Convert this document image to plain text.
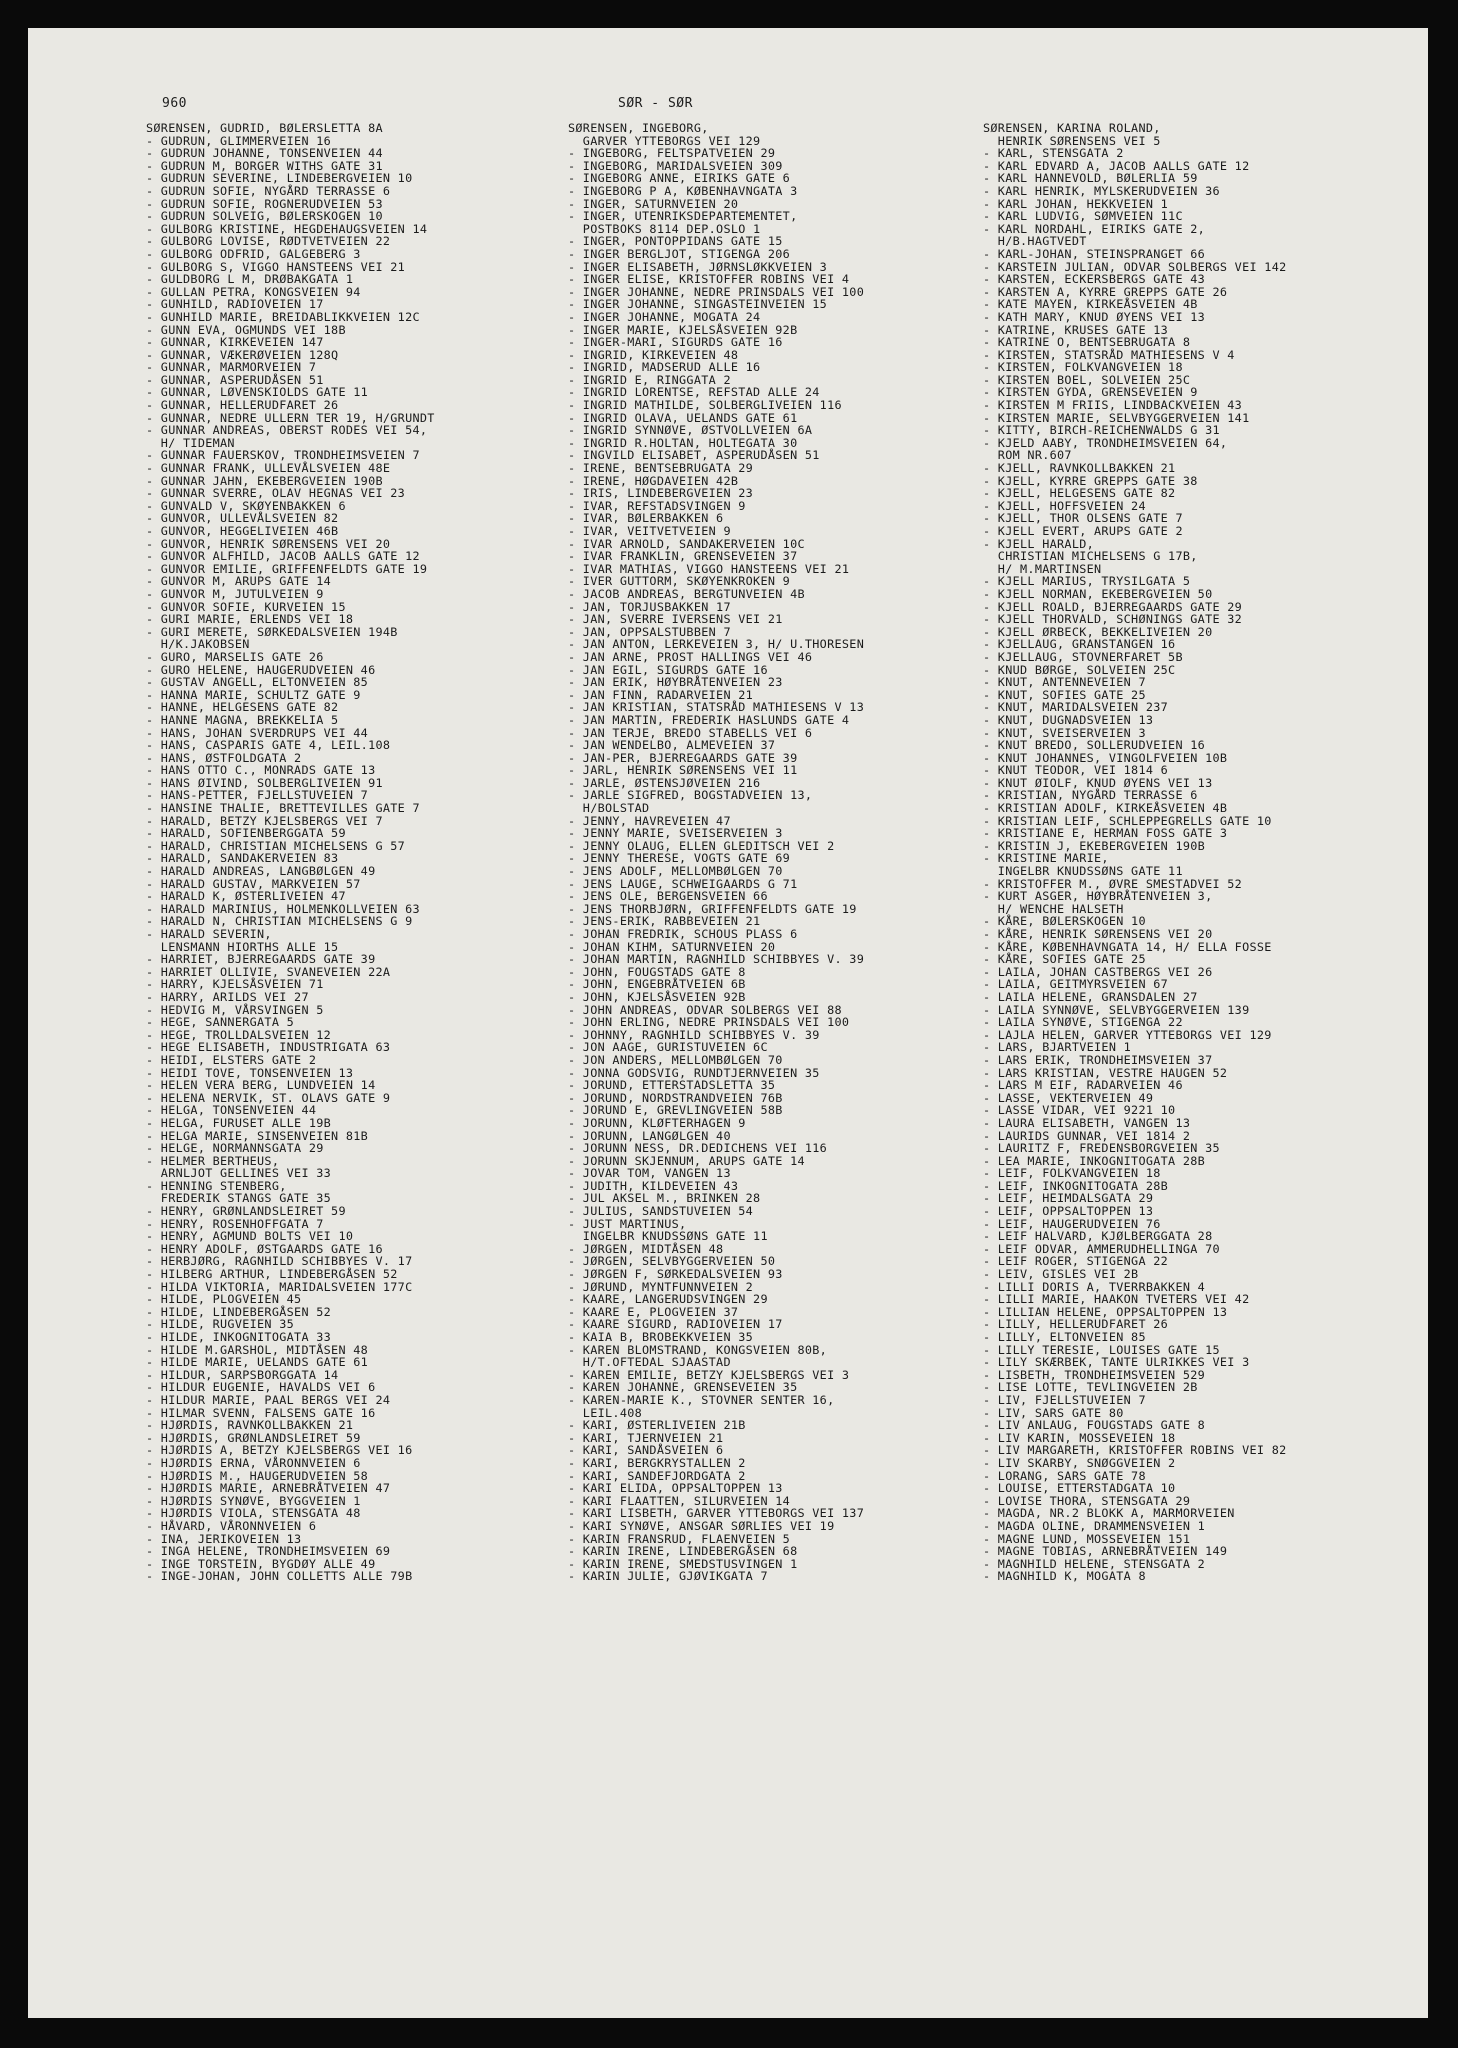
960	SØR - SØR
SØRENSEN, GUDRID, BØLERSLETTA 8A
- GUDRUN, GLIMMERVEIEN 16
- GUDRUN JOHANNE, TONSENVEIEN 44
- GUDRUN M, BORGER WITHS GATE 31
- GUDRUN SEVERINE, LINDEBERGVEIEN 10
- GUDRUN SOFIE, NYGÅRD TERRASSE 6
- GUDRUN SOFIE, ROGNERUDVEIEN 53
- GUDRUN SOLVEIG, BØLERSKOGEN 10
- GULBORG KRISTINE, HEGDEHAUGSVEIEN 14
- GULBORG LOVISE, RØDTVETVEIEN 22
- GULBORG ODFRID, GALGEBERG 3
- GULBORG S, VIGGO HANSTEENS VEI 21
- GULDBORG L M, DRØBAKGATA 1
- GULLAN PETRA, KONGSVEIEN 94
- GUNHILD, RADIOVEIEN 17
- GUNHILD MARIE, BREIDABLIKKVEIEN 12C
- GUNN EVA, OGMUNDS VEI 18B
- GUNNAR, KIRKEVEIEN 147
- GUNNAR, VÆKERØVEIEN 128Q
- GUNNAR, MARMORVEIEN 7
- GUNNAR, ASPERUDÅSEN 51
- GUNNAR, LØVENSKIOLDS GATE 11
- GUNNAR, HELLERUDFARET 26
- GUNNAR, NEDRE ULLERN TER 19, H/GRUNDT
- GUNNAR ANDREAS, OBERST RODES VEI 54,
H/ TIDEMAN
- GUNNAR FAUERSKOV, TRONDHEIMSVEIEN 7
- GUNNAR FRANK, ULLEVÅLSVEIEN 48E
- GUNNAR JAHN, EKEBERGVEIEN 190B
- GUNNAR SVERRE, OLAV HEGNAS VEI 23
- GUNVALD V, SKØYENBAKKEN 6
- GUNVOR, ULLEVÅLSVEIEN 82
- GUNVOR, HEGGELIVEIEN 46B
- GUNVOR, HENRIK SØRENSENS VEI 20
- GUNVOR ALFHILD, JACOB AALLS GATE 12
- GUNVOR EMILIE, GRIFFENFELDTS GATE 19
- GUNVOR M, ARUPS GATE 14
- GUNVOR M, JUTULVEIEN 9
- GUNVOR SOFIE, KURVEIEN 15
- GURI MARIE, ERLENDS VEI 18
- GURI MERETE, SØRKEDALSVEIEN 194B
H/K.JAKOBSEN
- GURO, MARSELIS GATE 26
- GURO HELENE, HAUGERUDVEIEN 46
- GUSTAV ANGELL, ELTONVEIEN 85
- HANNA MARIE, SCHULTZ GATE 9
- HANNE, HELGESENS GATE 82
- HANNE MAGNA, BREKKELIA 5
- HANS, JOHAN SVERDRUPS VEI 44
- HANS, CASPARIS GATE 4, LEIL.108
- HANS, ØSTFOLDGATA 2
- HANS OTTO C., MONRADS GATE 13
- HANS ØIVIND, SOLBERGLIVEIEN 91
- HANS-PETTER, FJELLSTUVEIEN 7
- HANSINE THALIE, BRETTEVILLES GATE 7
- HARALD, BETZY KJELSBERGS VEI 7
- HARALD, SOFIENBERGGATA 59
- HARALD, CHRISTIAN MICHELSENS G 57
- HARALD, SANDAKERVEIEN 83
- HARALD ANDREAS, LANGBØLGEN 49
- HARALD GUSTAV, MARKVEIEN 57
- HARALD K, ØSTERLIVEIEN 47
- HARALD MARINIUS, HOLMENKOLLVEIEN 63
- HARALD N, CHRISTIAN MICHELSENS G 9
- HARALD SEVERIN,
LENSMANN HIORTHS ALLE 15
- HARRIET, BJERREGAARDS GATE 39
- HARRIET OLLIVIE, SVANEVEIEN 22A
- HARRY, KJELSÅSVEIEN 71
- HARRY, ARILDS VEI 27
- HEDVIG M, VÅRSVINGEN 5
- HEGE, SANNERGATA 5
- HEGE, TROLLDALSVEIEN 12
- HEGE ELISABETH, INDUSTRIGATA 63
- HEIDI, ELSTERS GATE 2
- HEIDI TOVE, TONSENVEIEN 13
- HELEN VERA BERG, LUNDVEIEN 14
- HELENA NERVIK, ST. OLAVS GATE 9
- HELGA, TONSENVEIEN 44
- HELGA, FURUSET ALLE 19B
- HELGA MARIE, SINSENVEIEN 81B
- HELGE, NORMANNSGATA 29
- HELMER BERTHEUS,
ARNLJOT GELLINES VEI 33
- HENNING STENBERG,
FREDERIK STANGS GATE 35
- HENRY, GRØNLANDSLEIRET 59
- HENRY, ROSENHOFFGATA 7
- HENRY, AGMUND BOLTS VEI 10
- HENRY ADOLF, ØSTGAARDS GATE 16
- HERBJØRG, RAGNHILD SCHIBBYES V. 17
- HILBERG ARTHUR, LINDEBERGÅSEN 52
- HILDA VIKTORIA, MARIDALSVEIEN 177C
- HILDE, PLOGVEIEN 45
- HILDE, LINDEBERGÅSEN 52
- HILDE, RUGVEIEN 35
- HILDE, INKOGNITOGATA 33
- HILDE M.GARSHOL, MIDTÅSEN 48
- HILDE MARIE, UELANDS GATE 61
- HILDUR, SARPSBORGGATA 14
- HILDUR EUGENIE, HAVALDS VEI 6
- HILDUR MARIE, PAAL BERGS VEI 24
- HILMAR SVENN, FALSENS GATE 16
- HJØRDIS, RAVNKOLLBAKKEN 21
- HJØRDIS, GRØNLANDSLEIRET 59
- HJØRDIS A, BETZY KJELSBERGS VEI 16
- HJØRDIS ERNA, VÅRONNVEIEN 6
- HJØRDIS M., HAUGERUDVEIEN 58
- HJØRDIS MARIE, ARNEBRÅTVEIEN 47
- HJØRDIS SYNØVE, BYGGVEIEN 1
- HJØRDIS VIOLA, STENSGATA 48
- HÅVARD, VÅRONNVEIEN 6
- INA, JERIKOVEIEN 13
- INGA HELENE, TRONDHEIMSVEIEN 69
- INGE TORSTEIN, BYGDØY ALLE 49
- INGE-JOHAN, JOHN COLLETTS ALLE 79B
SØRENSEN, INGEBORG,
GARVER YTTEBORGS VEI 129
- INGEBORG, FELTSPATVEIEN 29
- INGEBORG, MARIDALSVEIEN 309
- INGEBORG ANNE, EIRIKS GATE 6
- INGEBORG P A, KØBENHAVNGATA 3
- INGER, SATURNVEIEN 20
- INGER, UTENRIKSDEPARTEMENTET,
POSTBOKS 8114 DEP.OSLO 1
- INGER, PONTOPPIDANS GATE 15
- INGER BERGLJOT, STIGENGA 206
- INGER ELISABETH, JØRNSLØKKVEIEN 3
- INGER ELISE, KRISTOFFER ROBINS VEI 4
- INGER JOHANNE, NEDRE PRINSDALS VEI 100
- INGER JOHANNE, SINGASTEINVEIEN 15
- INGER JOHANNE, MOGATA 24
- INGER MARIE, KJELSÅSVEIEN 92B
- INGER-MARI, SIGURDS GATE 16
- INGRID, KIRKEVEIEN 48
- INGRID, MADSERUD ALLE 16
- INGRID E, RINGGATA 2
- INGRID LORENTSE, REFSTAD ALLE 24
- INGRID MATHILDE, SOLBERGLIVEIEN 116
- INGRID OLAVA, UELANDS GATE 61
- INGRID SYNNØVE, ØSTVOLLVEIEN 6A
- INGRID R.HOLTAN, HOLTEGATA 30
- INGVILD ELISABET, ASPERUDÅSEN 51
- IRENE, BENTSEBRUGATA 29
- IRENE, HØGDAVEIEN 42B
- IRIS, LINDEBERGVEIEN 23
- IVAR, REFSTADSVINGEN 9
- IVAR, BØLERBAKKEN 6
- IVAR, VEITVETVEIEN 9
- IVAR ARNOLD, SANDAKERVEIEN 10C
- IVAR FRANKLIN, GRENSEVEIEN 37
- IVAR MATHIAS, VIGGO HANSTEENS VEI 21
- IVER GUTTORM, SKØYENKROKEN 9
- JACOB ANDREAS, BERGTUNVEIEN 4B
- JAN, TORJUSBAKKEN 17
- JAN, SVERRE IVERSENS VEI 21
- JAN, OPPSALSTUBBEN 7
- JAN ANTON, LERKEVEIEN 3, H/ U.THORESEN
- JAN ARNE, PROST HALLINGS VEI 46
- JAN EGIL, SIGURDS GATE 16
- JAN ERIK, HØYBRÅTENVEIEN 23
- JAN FINN, RADARVEIEN 21
- JAN KRISTIAN, STATSRÅD MATHIESENS V 13
- JAN MARTIN, FREDERIK HASLUNDS GATE 4
- JAN TERJE, BREDO STABELLS VEI 6
- JAN WENDELBO, ALMEVEIEN 37
- JAN-PER, BJERREGAARDS GATE 39
- JARL, HENRIK SØRENSENS VEI 11
- JARLE, ØSTENSJØVEIEN 216
- JARLE SIGFRED, BOGSTADVEIEN 13,
H/BOLSTAD
- JENNY, HAVREVEIEN 47
- JENNY MARIE, SVEISERVEIEN 3
- JENNY OLAUG, ELLEN GLEDITSCH VEI 2
- JENNY THERESE, VOGTS GATE 69
- JENS ADOLF, MELLOMBØLGEN 70
- JENS LAUGE, SCHWEIGAARDS G 71
- JENS OLE, BERGENSVEIEN 66
- JENS THORBJØRN, GRIFFENFELDTS GATE 19
- JENS-ERIK, RABBEVEIEN 21
- JOHAN FREDRIK, SCHOUS PLASS 6
- JOHAN KIHM, SATURNVEIEN 20
- JOHAN MARTIN, RAGNHILD SCHIBBYES V. 39
- JOHN, FOUGSTADS GATE 8
- JOHN, ENGEBRÅTVEIEN 6B
- JOHN, KJELSÅSVEIEN 92B
- JOHN ANDREAS, ODVAR SOLBERGS VEI 88
- JOHN ERLING, NEDRE PRINSDALS VEI 100
- JOHNNY, RAGNHILD SCHIBBYES V. 39
- JON AAGE, GURISTUVEIEN 6C
- JON ANDERS, MELLOMBØLGEN 70
- JONNA GODSVIG, RUNDTJERNVEIEN 35
- JORUND, ETTERSTADSLETTA 35
- JORUND, NORDSTRANDVEIEN 76B
- JORUND E, GREVLINGVEIEN 58B
- JORUNN, KLØFTERHAGEN 9
- JORUNN, LANGØLGEN 40
- JORUNN NESS, DR.DEDICHENS VEI 116
- JORUNN SKJENNUM, ARUPS GATE 14
- JOVAR TOM, VANGEN 13
- JUDITH, KILDEVEIEN 43
- JUL AKSEL M., BRINKEN 28
- JULIUS, SANDSTUVEIEN 54
- JUST MARTINUS,
INGELBR KNUDSSØNS GATE 11
- JØRGEN, MIDTÅSEN 48
- JØRGEN, SELVBYGGERVEIEN 50
- JØRGEN F, SØRKEDALSVEIEN 93
- JØRUND, MYNTFUNNVEIEN 2
- KAARE, LANGERUDSVINGEN 29
- KAARE E, PLOGVEIEN 37
- KAARE SIGURD, RADIOVEIEN 17
- KAIA B, BROBEKKVEIEN 35
- KAREN BLOMSTRAND, KONGSVEIEN 80B,
H/T.OFTEDAL SJAASTAD
- KAREN EMILIE, BETZY KJELSBERGS VEI 3
- KAREN JOHANNE, GRENSEVEIEN 35
- KAREN-MARIE K., STOVNER SENTER 16,
LEIL.408
- KARI, ØSTERLIVEIEN 21B
- KARI, TJERNVEIEN 21
- KARI, SANDÅSVEIEN 6
- KARI, BERGKRYSTALLEN 2
- KARI, SANDEFJORDGATA 2
- KARI ELIDA, OPPSALTOPPEN 13
- KARI FLAATTEN, SILURVEIEN 14
- KARI LISBETH, GARVER YTTEBORGS VEI 137
- KARI SYNØVE, ANSGAR SØRLIES VEI 19
- KARIN FRANSRUD, FLAENVEIEN 5
- KARIN IRENE, LINDEBERGÅSEN 68
- KARIN IRENE, SMEDSTUSVINGEN 1
- KARIN JULIE, GJØVIKGATA 7
SØRENSEN, KARINA ROLAND,
HENRIK SØRENSENS VEI 5
- KARL, STENSGATA 2
- KARL EDVARD A, JACOB AALLS GATE 12
- KARL HANNEVOLD, BØLERLIA 59
- KARL HENRIK, MYLSKERUDVEIEN 36
- KARL JOHAN, HEKKVEIEN 1
- KARL LUDVIG, SØMVEIEN 11C
- KARL NORDAHL, EIRIKS GATE 2,
H/B.HAGTVEDT
- KARL-JOHAN, STEINSPRANGET 66
- KARSTEIN JULIAN, ODVAR SOLBERGS VEI 142
- KARSTEN, ECKERSBERGS GATE 43
- KARSTEN A, KYRRE GREPPS GATE 26
- KATE MAYEN, KIRKEÅSVEIEN 4B
- KATH MARY, KNUD ØYENS VEI 13
- KATRINE, KRUSES GATE 13
- KATRINE O, BENTSEBRUGATA 8
- KIRSTEN, STATSRÅD MATHIESENS V 4
- KIRSTEN, FOLKVANGVEIEN 18
- KIRSTEN BOEL, SOLVEIEN 25C
- KIRSTEN GYDA, GRENSEVEIEN 9
- KIRSTEN M FRIIS, LINDBACKVEIEN 43
- KIRSTEN MARIE, SELVBYGGERVEIEN 141
- KITTY, BIRCH-REICHENWALDS G 31
- KJELD AABY, TRONDHEIMSVEIEN 64,
ROM NR.607
- KJELL, RAVNKOLLBAKKEN 21
- KJELL, KYRRE GREPPS GATE 38
- KJELL, HELGESENS GATE 82
- KJELL, HOFFSVEIEN 24
- KJELL, THOR OLSENS GATE 7
- KJELL EVERT, ARUPS GATE 2
- KJELL HARALD,
CHRISTIAN MICHELSENS G 17B,
H/ M.MARTINSEN
- KJELL MARIUS, TRYSILGATA 5
- KJELL NORMAN, EKEBERGVEIEN 50
- KJELL ROALD, BJERREGAARDS GATE 29
- KJELL THORVALD, SCHØNINGS GATE 32
- KJELL ØRBECK, BEKKELIVEIEN 20
- KJELLAUG, GRANSTANGEN 16
- KJELLAUG, STOVNERFARET 5B
- KNUD BØRGE, SOLVEIEN 25C
- KNUT, ANTENNEVEIEN 7
- KNUT, SOFIES GATE 25
- KNUT, MARIDALSVEIEN 237
- KNUT, DUGNADSVEIEN 13
- KNUT, SVEISERVEIEN 3
- KNUT BREDO, SOLLERUDVEIEN 16
- KNUT JOHANNES, VINGOLFVEIEN 10B
- KNUT TEODOR, VEI 1814 6
- KNUT ØIOLF, KNUD ØYENS VEI 13
- KRISTIAN, NYGÅRD TERRASSE 6
- KRISTIAN ADOLF, KIRKEÅSVEIEN 4B
- KRISTIAN LEIF, SCHLEPPEGRELLS GATE 10
- KRISTIANE E, HERMAN FOSS GATE 3
- KRISTIN J, EKEBERGVEIEN 190B
- KRISTINE MARIE,
INGELBR KNUDSSØNS GATE 11
- KRISTOFFER M., ØVRE SMESTADVEI 52
- KURT ASGER, HØYBRÅTENVEIEN 3,
H/ WENCHE HALSETH
- KÅRE, BØLERSKOGEN 10
- KÅRE, HENRIK SØRENSENS VEI 20
- KÅRE, KØBENHAVNGATA 14, H/ ELLA FOSSE
- KÅRE, SOFIES GATE 25
- LAILA, JOHAN CASTBERGS VEI 26
- LAILA, GEITMYRSVEIEN 67
- LAILA HELENE, GRANSDALEN 27
- LAILA SYNNØVE, SELVBYGGERVEIEN 139
- LAILA SYNØVE, STIGENGA 22
- LAJLA HELEN, GARVER YTTEBORGS VEI 129
- LARS, BJARTVEIEN 1
- LARS ERIK, TRONDHEIMSVEIEN 37
- LARS KRISTIAN, VESTRE HAUGEN 52
- LARS M EIF, RADARVEIEN 46
- LASSE, VEKTERVEIEN 49
- LASSE VIDAR, VEI 9221 10
- LAURA ELISABETH, VANGEN 13
- LAURIDS GUNNAR, VEI 1814 2
- LAURITZ F, FREDENSBORGVEIEN 35
- LEA MARIE, INKOGNITOGATA 28B
- LEIF, FOLKVANGVEIEN 18
- LEIF, INKOGNITOGATA 28B
- LEIF, HEIMDALSGATA 29
- LEIF, OPPSALTOPPEN 13
- LEIF, HAUGERUDVEIEN 76
- LEIF HALVARD, KJØLBERGGATA 28
- LEIF ODVAR, AMMERUDHELLINGA 70
- LEIF ROGER, STIGENGA 22
- LEIV, GISLES VEI 2B
- LILLI DORIS A, TVERRBAKKEN 4
- LILLI MARIE, HAAKON TVETERS VEI 42
- LILLIAN HELENE, OPPSALTOPPEN 13
- LILLY, HELLERUDFARET 26
- LILLY, ELTONVEIEN 85
- LILLY TERESIE, LOUISES GATE 15
- LILY SKÆRBEK, TANTE ULRIKKES VEI 3
- LISBETH, TRONDHEIMSVEIEN 529
- LISE LOTTE, TEVLINGVEIEN 2B
- LIV, FJELLSTUVEIEN 7
- LIV, SARS GATE 80
- LIV ANLAUG, FOUGSTADS GATE 8
- LIV KARIN, MOSSEVEIEN 18
- LIV MARGARETH, KRISTOFFER ROBINS VEI 82
- LIV SKARBY, SNØGGVEIEN 2
- LORANG, SARS GATE 78
- LOUISE, ETTERSTADGATA 10
- LOVISE THORA, STENSGATA 29
- MAGDA, NR.2 BLOKK A, MARMORVEIEN
- MAGDA OLINE, DRAMMENSVEIEN 1
- MAGNE LUND, MOSSEVEIEN 151
- MAGNE TOBIAS, ARNEBRÅTVEIEN 149
- MAGNHILD HELENE, STENSGATA 2
- MAGNHILD K, MOGATA 8
